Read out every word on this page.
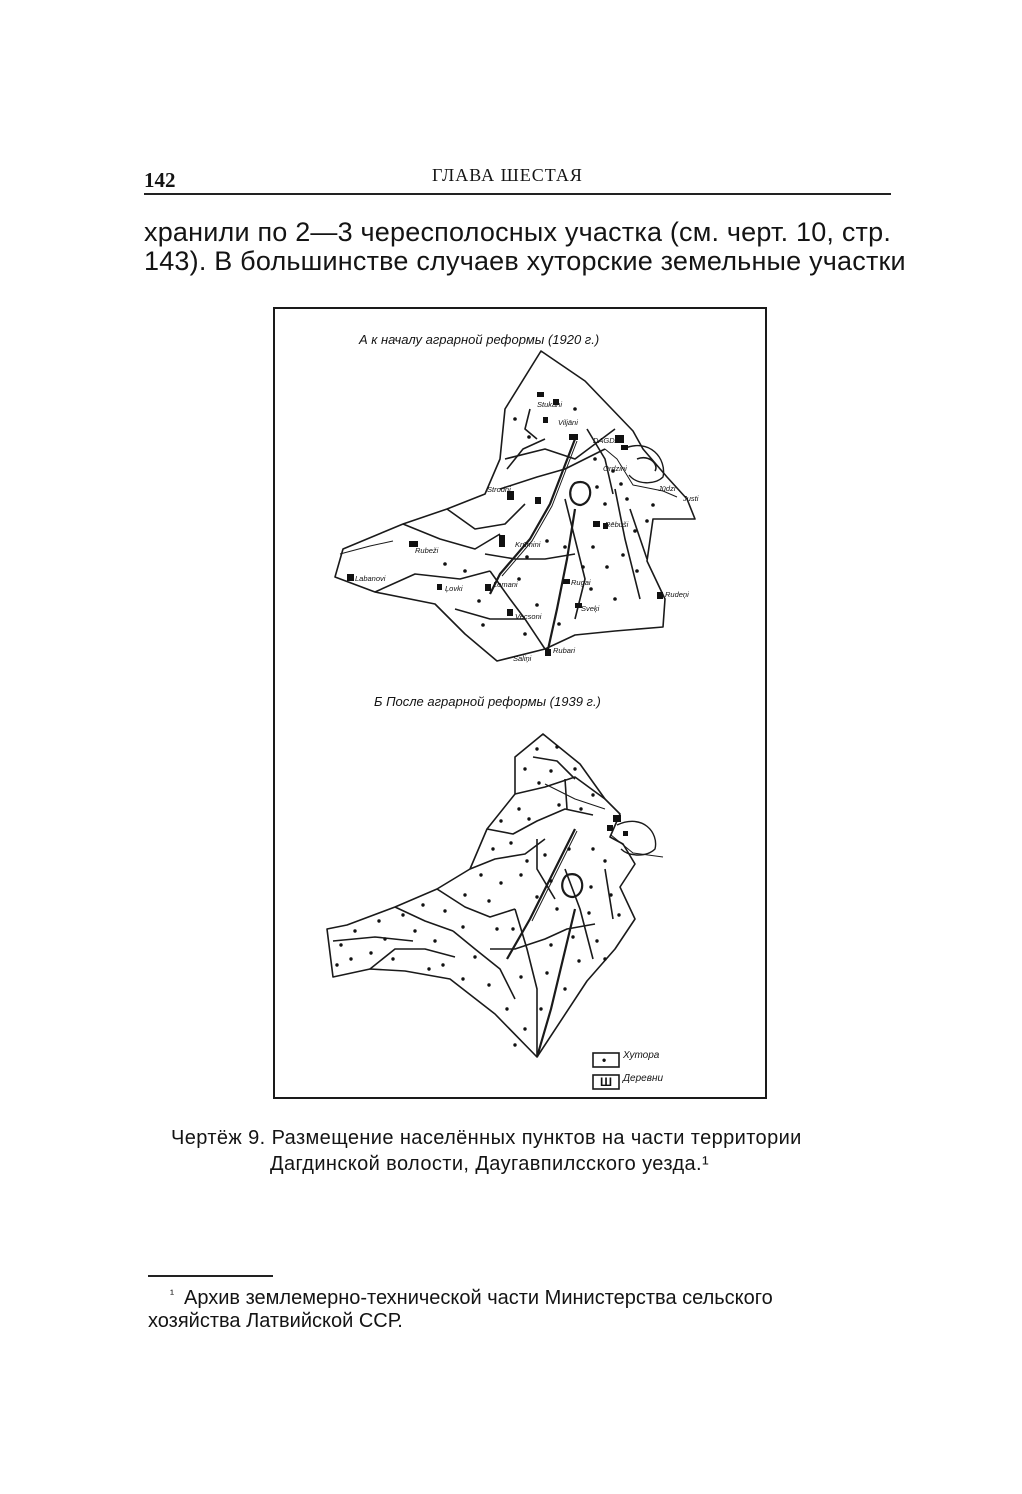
142	ГЛАВА ШЕСТАЯ
хранили по 2—3 чересполосных участка (см. черт. 10, стр.
143). В большинстве случаев хуторские земельные участки
Stukani
Viljāni
DAGDA
Ordzini
Jūdzi
Justi
Strodni
Rēbuši
Krūmini
Rubeži
Labanovi
Ļovki	Lomani	Rugai
Vecsoni
Sveķi
Rudeņi
Saliņi
Rubari
•
Ш
А к началу аграрной реформы (1920 г.)
Б После аграрной реформы (1939 г.)
Хутора
Деревни
Чертёж 9. Размещение населённых пунктов на части территории
Дагдинской волости, Даугавпилсского уезда.¹
$^{^1}$ Архив землемерно-технической части Министерства сельского
хозяйства Латвийской ССР.
